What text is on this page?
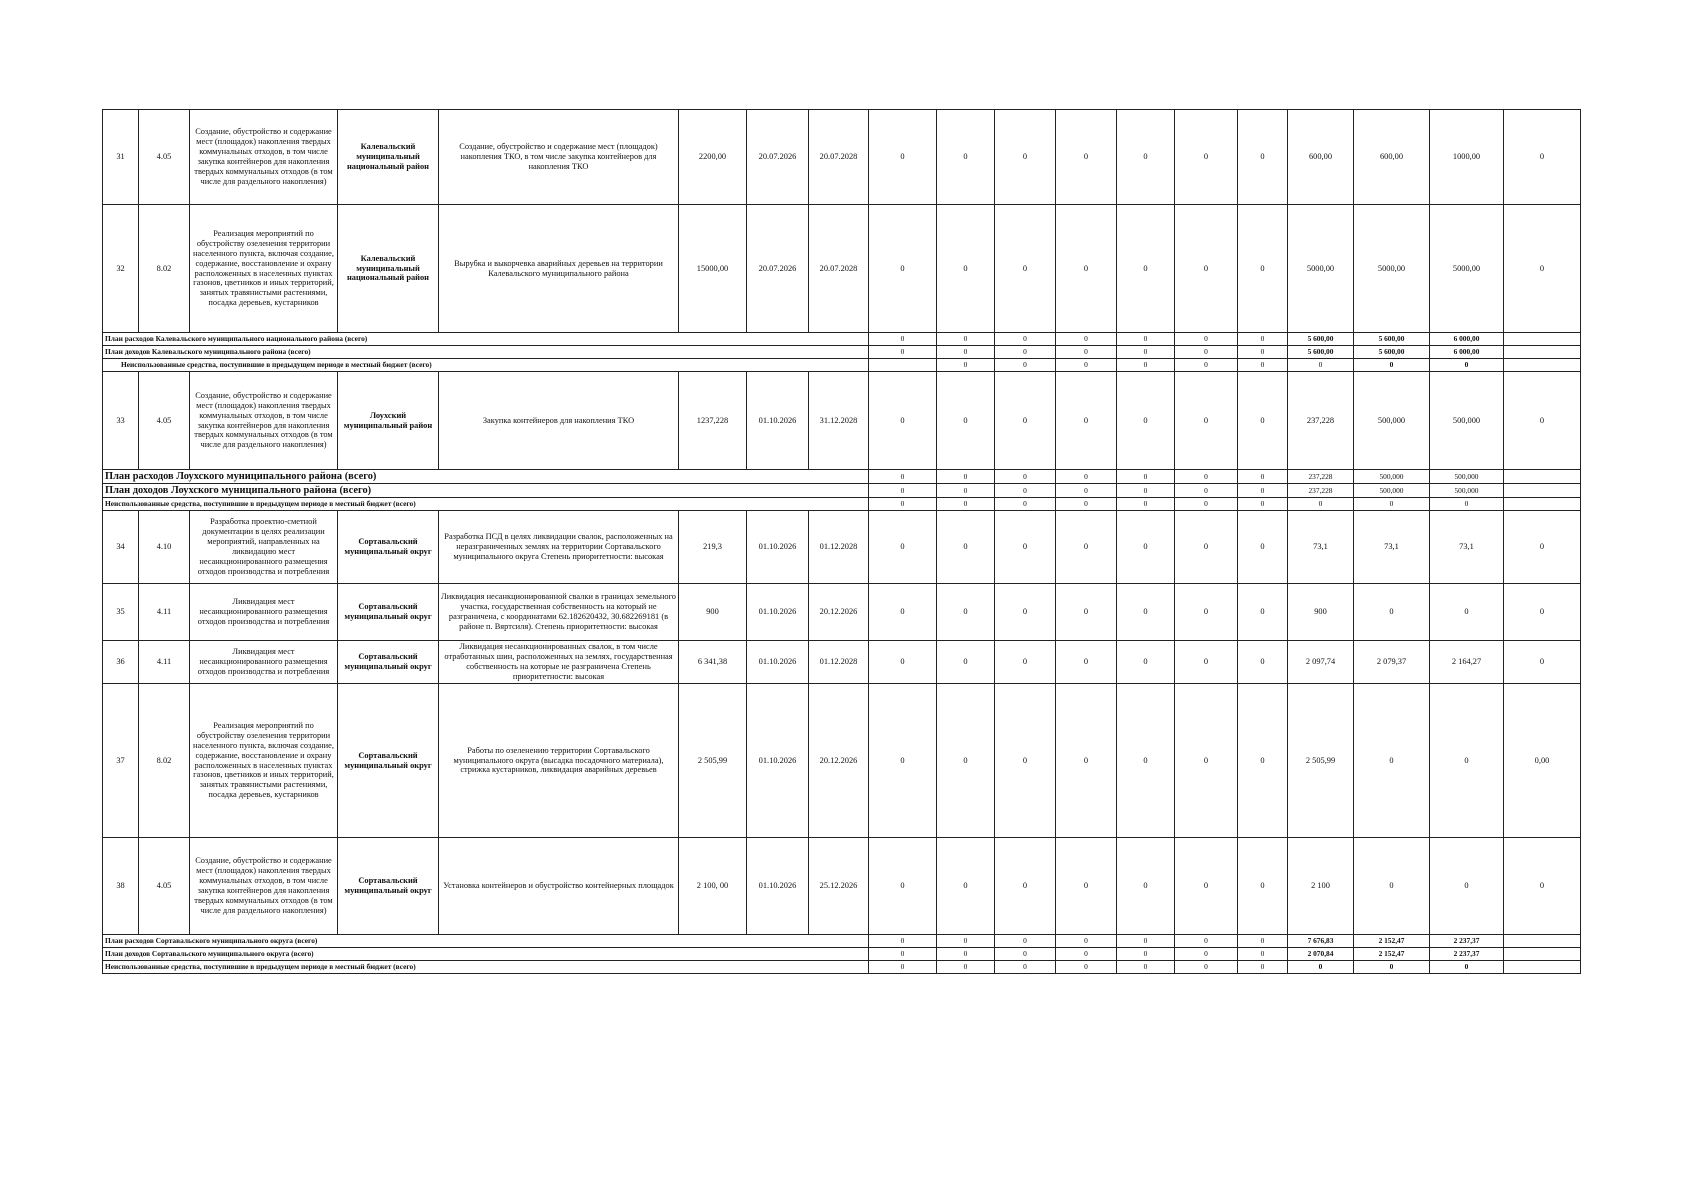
31	4.05	Создание, обустройство и содержание мест (площадок) накопления твердых коммунальных отходов, в том числе закупка контейнеров для накопления твердых коммунальных отходов (в том числе для раздельного накопления)	Калевальский муниципальный национальный район	Создание, обустройство и содержание мест (площадок) накопления ТКО, в том числе закупка контейнеров для накопления ТКО	2200,00	20.07.2026	20.07.2028	0	0	0	0	0	0	0	600,00	600,00	1000,00	0
32	8.02	Реализация мероприятий по обустройству озеленения территории населенного пункта, включая создание, содержание, восстановление и охрану расположенных в населенных пунктах газонов, цветников и иных территорий, занятых травянистыми растениями, посадка деревьев, кустарников	Калевальский муниципальный национальный район	Вырубка и выкорчевка аварийных деревьев на территории Калевальского муниципального района	15000,00	20.07.2026	20.07.2028	0	0	0	0	0	0	0	5000,00	5000,00	5000,00	0
План расходов Калевальского муниципального национального района (всего)								0	0	0	0	0	0	0	5 600,00	5 600,00	6 000,00	
План доходов Калевальского муниципального района (всего)								0	0	0	0	0	0	0	5 600,00	5 600,00	6 000,00	
Неиспользованные средства, поступившие в предыдущем периоде в местный бюджет (всего)									0	0	0	0	0	0	0	0	0	
33	4.05	Создание, обустройство и содержание мест (площадок) накопления твердых коммунальных отходов, в том числе закупка контейнеров для накопления твердых коммунальных отходов (в том числе для раздельного накопления)	Лоухский муниципальный район	Закупка контейнеров для накопления ТКО	1237,228	01.10.2026	31.12.2028	0	0	0	0	0	0	0	237,228	500,000	500,000	0
План расходов Лоухского муниципального района (всего)								0	0	0	0	0	0	0	237,228	500,000	500,000	
План доходов Лоухского муниципального района (всего)								0	0	0	0	0	0	0	237,228	500,000	500,000	
Неиспользованные средства, поступившие в предыдущем периоде в местный бюджет (всего)								0	0	0	0	0	0	0	0	0	0	
34	4.10	Разработка проектно-сметной документации в целях реализации мероприятий, направленных на ликвидацию мест несанкционированного размещения отходов производства и потребления	Сортавальский муниципальный округ	Разработка ПСД в целях ликвидации свалок, расположенных на неразграниченных землях на территории Сортавальского муниципального округа Степень приоритетности: высокая	219,3	01.10.2026	01.12.2028	0	0	0	0	0	0	0	73,1	73,1	73,1	0
35	4.11	Ликвидация мест несанкционированного размещения отходов производства и потребления	Сортавальский муниципальный округ	Ликвидация несанкционированной свалки в границах земельного участка, государственная собственность на который не разграничена, с координатами 62.182620432, 30.682269181 (в районе п. Вяртсиля). Степень приоритетности: высокая	900	01.10.2026	20.12.2026	0	0	0	0	0	0	0	900	0	0	0
36	4.11	Ликвидация мест несанкционированного размещения отходов производства и потребления	Сортавальский муниципальный округ	Ликвидация несанкционированных свалок, в том числе отработанных шин, расположенных на землях, государственная собственность на которые не разграничена Степень приоритетности: высокая	6 341,38	01.10.2026	01.12.2028	0	0	0	0	0	0	0	2 097,74	2 079,37	2 164,27	0
37	8.02	Реализация мероприятий по обустройству озеленения территории населенного пункта, включая создание, содержание, восстановление и охрану расположенных в населенных пунктах газонов, цветников и иных территорий, занятых травянистыми растениями, посадка деревьев, кустарников	Сортавальский муниципальный округ	Работы по озеленению территории Сортавальского муниципального округа (высадка посадочного материала), стрижка кустарников, ликвидация аварийных деревьев	2 505,99	01.10.2026	20.12.2026	0	0	0	0	0	0	0	2 505,99	0	0	0,00
38	4.05	Создание, обустройство и содержание мест (площадок) накопления твердых коммунальных отходов, в том числе закупка контейнеров для накопления твердых коммунальных отходов (в том числе для раздельного накопления)	Сортавальский муниципальный округ	Установка контейнеров и обустройство контейнерных площадок	2 100, 00	01.10.2026	25.12.2026	0	0	0	0	0	0	0	2 100	0	0	0
План расходов Сортавальского муниципального округа (всего)								0	0	0	0	0	0	0	7 676,83	2 152,47	2 237,37	
План доходов Сортавальского муниципального округа (всего)								0	0	0	0	0	0	0	2 070,84	2 152,47	2 237,37	
Неиспользованные средства, поступившие в предыдущем периоде в местный бюджет (всего)								0	0	0	0	0	0	0	0	0	0	
